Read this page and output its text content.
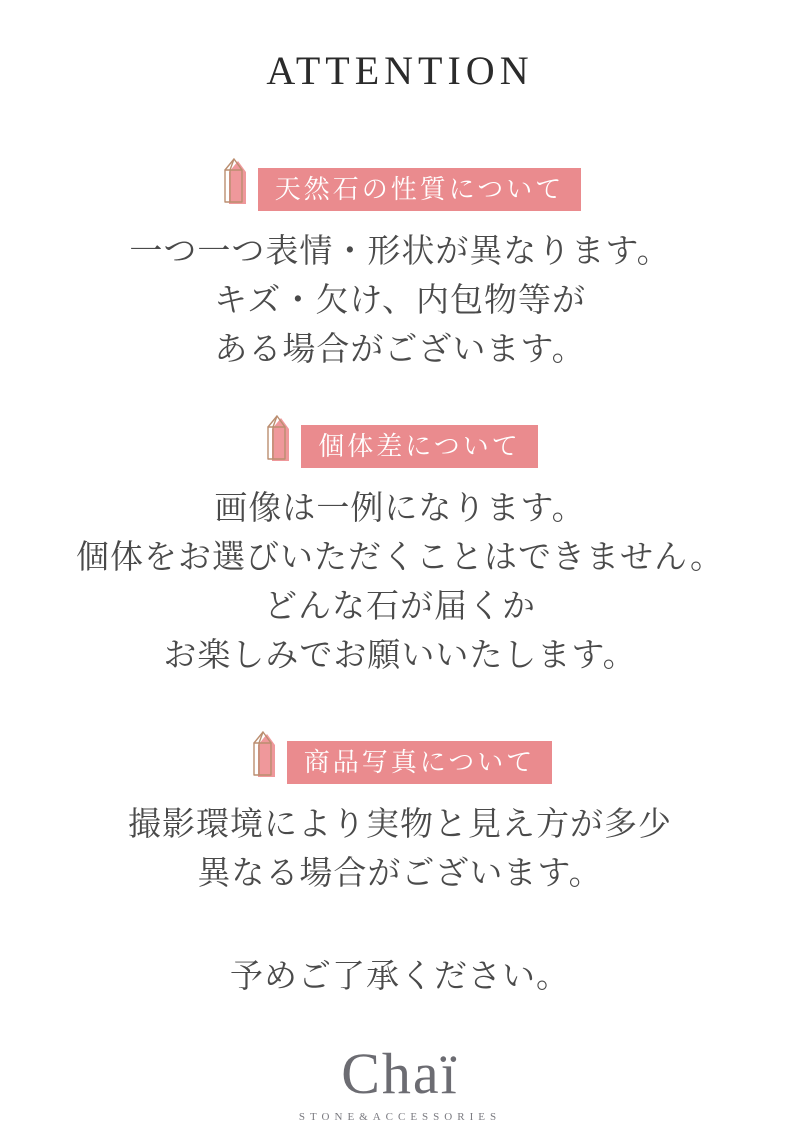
ATTENTION
天然石の性質について

一つ一つ表情・形状が異なります。

キズ・欠け、内包物等が

ある場合がございます。

個体差について

画像は一例になります。

個体をお選びいただくことはできません。

どんな石が届くか

お楽しみでお願いいたします。

商品写真について

撮影環境により実物と見え方が多少

異なる場合がございます。

予めご了承ください。

Chaï
STONE&ACCESSORIES
